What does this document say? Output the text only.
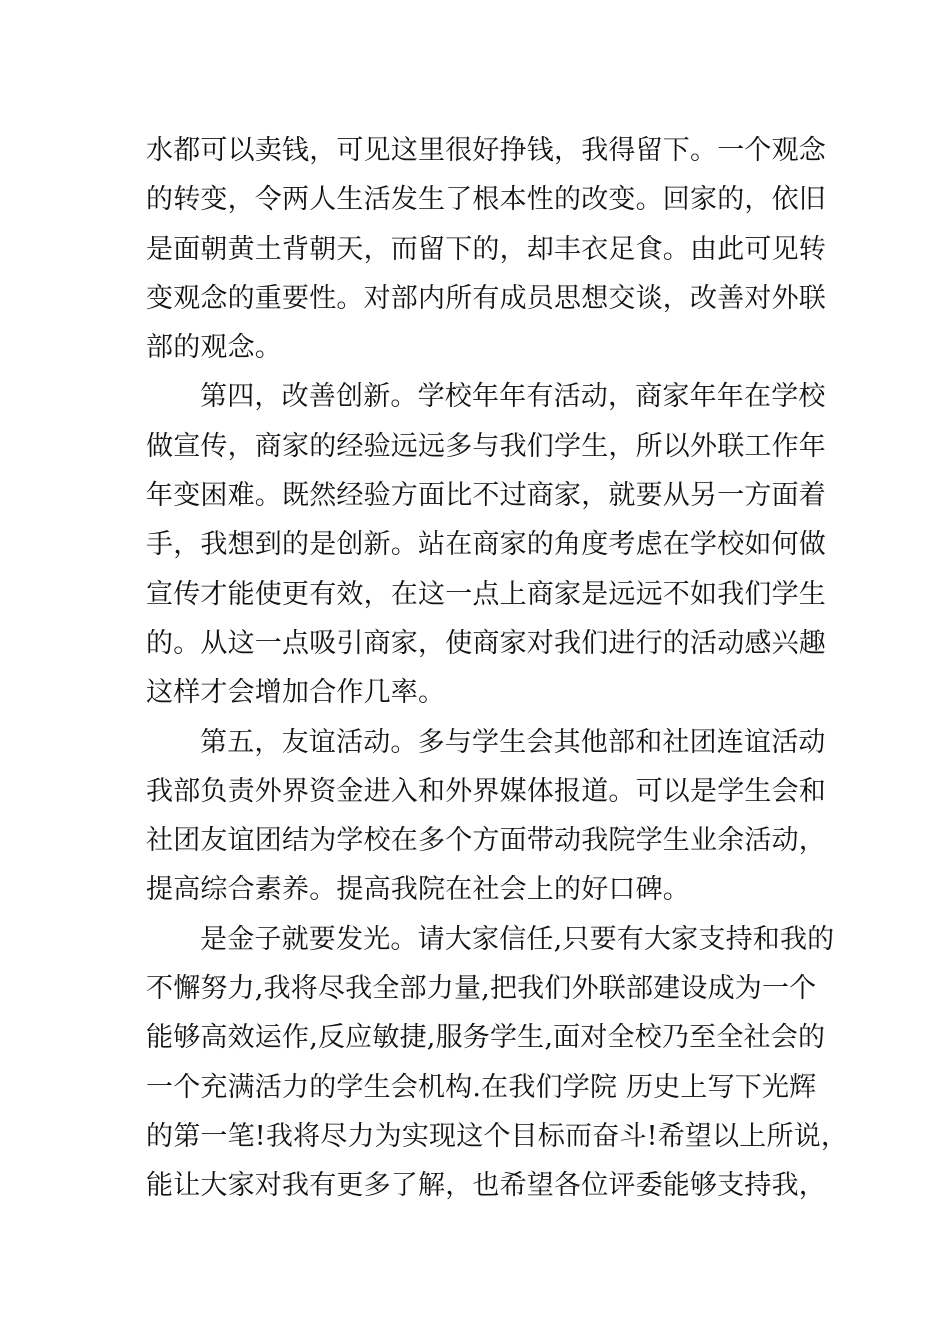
水都可以卖钱，可见这里很好挣钱，我得留下。一个观念
的转变，令两人生活发生了根本性的改变。回家的，依旧
是面朝黄土背朝天，而留下的，却丰衣足食。由此可见转
变观念的重要性。对部内所有成员思想交谈，改善对外联
部的观念。
第四，改善创新。学校年年有活动，商家年年在学校
做宣传，商家的经验远远多与我们学生，所以外联工作年
年变困难。既然经验方面比不过商家，就要从另一方面着
手，我想到的是创新。站在商家的角度考虑在学校如何做
宣传才能使更有效，在这一点上商家是远远不如我们学生
的。从这一点吸引商家，使商家对我们进行的活动感兴趣
这样才会增加合作几率。
第五，友谊活动。多与学生会其他部和社团连谊活动
我部负责外界资金进入和外界媒体报道。可以是学生会和
社团友谊团结为学校在多个方面带动我院学生业余活动，
提高综合素养。提高我院在社会上的好口碑。
是金子就要发光。请大家信任,只要有大家支持和我的
不懈努力,我将尽我全部力量,把我们外联部建设成为一个
能够高效运作,反应敏捷,服务学生,面对全校乃至全社会的
一个充满活力的学生会机构.在我们学院 历史上写下光辉
的第一笔!我将尽力为实现这个目标而奋斗!希望以上所说，
能让大家对我有更多了解，也希望各位评委能够支持我，
